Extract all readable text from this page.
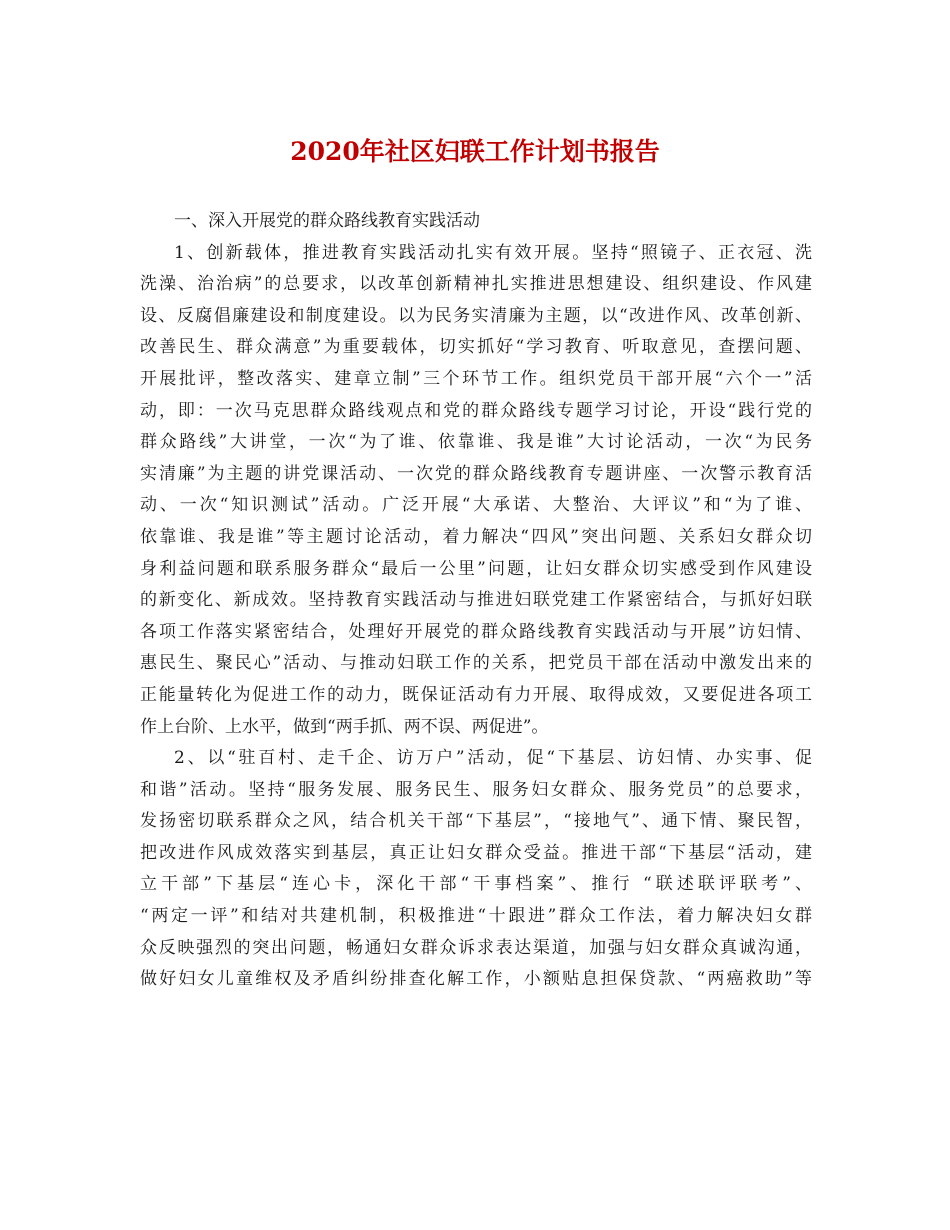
2020年社区妇联工作计划书报告
一、深入开展党的群众路线教育实践活动
1、创新载体，推进教育实践活动扎实有效开展。坚持“照镜子、正衣冠、洗
洗澡、治治病”的总要求，以改革创新精神扎实推进思想建设、组织建设、作风建
设、反腐倡廉建设和制度建设。以为民务实清廉为主题，以“改进作风、改革创新、
改善民生、群众满意”为重要载体，切实抓好“学习教育、听取意见，查摆问题、
开展批评，整改落实、建章立制”三个环节工作。组织党员干部开展“六个一”活
动，即：一次马克思群众路线观点和党的群众路线专题学习讨论，开设“践行党的
群众路线”大讲堂，一次“为了谁、依靠谁、我是谁”大讨论活动，一次“为民务
实清廉”为主题的讲党课活动、一次党的群众路线教育专题讲座、一次警示教育活
动、一次“知识测试”活动。广泛开展“大承诺、大整治、大评议”和“为了谁、
依靠谁、我是谁”等主题讨论活动，着力解决“四风”突出问题、关系妇女群众切
身利益问题和联系服务群众“最后一公里”问题，让妇女群众切实感受到作风建设
的新变化、新成效。坚持教育实践活动与推进妇联党建工作紧密结合，与抓好妇联
各项工作落实紧密结合，处理好开展党的群众路线教育实践活动与开展”访妇情、
惠民生、聚民心”活动、与推动妇联工作的关系，把党员干部在活动中激发出来的
正能量转化为促进工作的动力，既保证活动有力开展、取得成效，又要促进各项工
作上台阶、上水平，做到“两手抓、两不误、两促进”。
2、以“驻百村、走千企、访万户”活动，促“下基层、访妇情、办实事、促
和谐”活动。坚持“服务发展、服务民生、服务妇女群众、服务党员”的总要求，
发扬密切联系群众之风，结合机关干部“下基层”，“接地气”、通下情、聚民智，
把改进作风成效落实到基层，真正让妇女群众受益。推进干部“下基层“活动，建
立干部”下基层“连心卡，深化干部“干事档案”、推行 “联述联评联考”、
“两定一评”和结对共建机制，积极推进“十跟进”群众工作法，着力解决妇女群
众反映强烈的突出问题，畅通妇女群众诉求表达渠道，加强与妇女群众真诚沟通，
做好妇女儿童维权及矛盾纠纷排查化解工作，小额贴息担保贷款、“两癌救助”等
